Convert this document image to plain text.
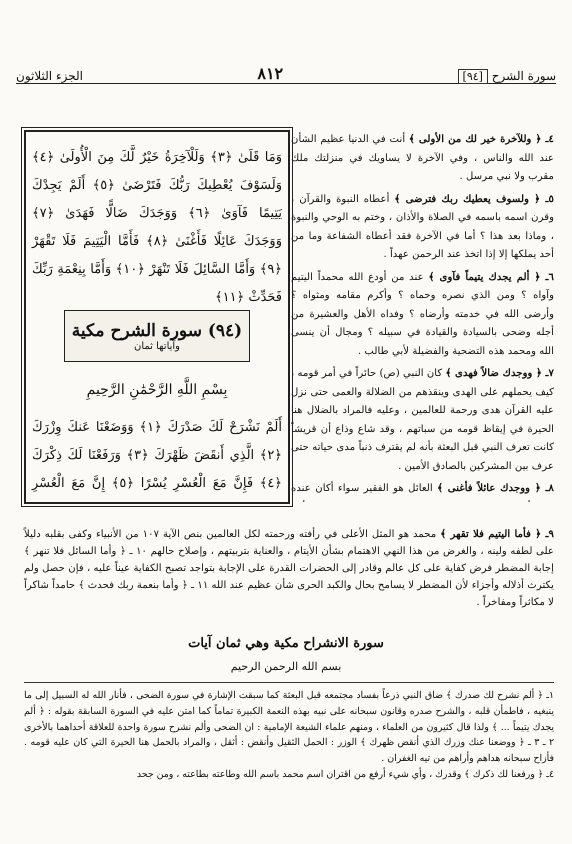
سورة الشرح [٩٤]
٨١٢
الجزء الثلاثون

٤ـ ﴿ وللآخرة خير لك من الأولى ﴾ أنت في الدنيا عظيم الشأن عند الله والناس ، وفي الآخرة لا يساويك في منزلتك ملك مقرب ولا نبي مرسل .

٥ـ ﴿ ولسوف يعطيك ربك فترضى ﴾ أعطاه النبوة والقرآن ، وقرن اسمه باسمه في الصلاة والأذان ، وختم به الوحي والنبوة ، وماذا بعد هذا ؟ أما في الآخرة فقد أعطاه الشفاعة وما من أحد يملكها إلا إذا اتخذ عند الرحمن عهداً .

٦ـ ﴿ ألم يجدك يتيماً فآوى ﴾ عند من أودع الله محمداً اليتيم وآواه ؟ ومن الذي نصره وحماه ؟ وأكرم مقامه ومثواه ؟ وأرضى الله في خدمته وأرضاه ؟ وفداه الأهل والعشيرة من أجله وضحى بالسيادة والقيادة في سبيله ؟ ومجال أن ينسى الله ومحمد هذه التضحية والفضيلة لأبي طالب .

٧ـ ﴿ ووجدك ضالاً فهدى ﴾ كان النبي (ص) حائراً في أمر قومه ، كيف يحملهم على الهدى وينقذهم من الضلالة والعمى حتى نزل عليه القرآن هدى ورحمة للعالمين ، وعليه فالمراد بالضلال هنا الحيرة في إيقاظ قومه من سباتهم ، وقد شاع وذاع أن قريشاً كانت تعرف النبي قبل البعثة بأنه لم يقترف ذنباً مدى حياته حتى عرف بين المشركين بالصادق الأمين .

٨ـ ﴿ ووجدك عائلاً فأغنى ﴾ العائل هو الفقير سواء أكان عنده

وَمَا قَلَىٰ ﴿٣﴾ وَلَلْآخِرَةُ خَيْرٌ لَّكَ مِنَ الْأُولَىٰ ﴿٤﴾ وَلَسَوْفَ يُعْطِيكَ رَبُّكَ فَتَرْضَىٰ ﴿٥﴾ أَلَمْ يَجِدْكَ يَتِيمًا فَآوَىٰ ﴿٦﴾ وَوَجَدَكَ ضَالًّا فَهَدَىٰ ﴿٧﴾ وَوَجَدَكَ عَائِلًا فَأَغْنَىٰ ﴿٨﴾ فَأَمَّا الْيَتِيمَ فَلَا تَقْهَرْ ﴿٩﴾ وَأَمَّا السَّائِلَ فَلَا تَنْهَرْ ﴿١٠﴾ وَأَمَّا بِنِعْمَةِ رَبِّكَ فَحَدِّثْ ﴿١١﴾
(٩٤) سورة الشرح مكية
وآياتها ثمان
بِسْمِ اللَّهِ الرَّحْمَٰنِ الرَّحِيمِ
أَلَمْ نَشْرَحْ لَكَ صَدْرَكَ ﴿١﴾ وَوَضَعْنَا عَنكَ وِزْرَكَ ﴿٢﴾ الَّذِي أَنقَضَ ظَهْرَكَ ﴿٣﴾ وَرَفَعْنَا لَكَ ذِكْرَكَ ﴿٤﴾ فَإِنَّ مَعَ الْعُسْرِ يُسْرًا ﴿٥﴾ إِنَّ مَعَ الْعُسْرِ

٩ـ ﴿ فأما اليتيم فلا تقهر ﴾ محمد هو المثل الأعلى في رأفته ورحمته لكل العالمين بنص الآية ١٠٧ من الأنبياء وكفى بقلبه دليلاً على لطفه ولينه ، والغرض من هذا النهي الاهتمام بشأن الأيتام ، والعناية بتربيتهم ، وإصلاح حالهم ١٠ ـ ﴿ وأما السائل فلا تنهر ﴾ إجابة المضطر فرض كفاية على كل عالم وقادر إلى الحضرات القدرة على الإجابة بتواجد تصبح الكفاية عيناً عليه ، فإن حصل ولم يكترث أذلاله وأجزاء لأن المضطر لا يسامح بحال والكبد الحرى شأن عظيم عند الله ١١ ـ ﴿ وأما بنعمة ربك فحدث ﴾ حامداً شاكراً لا مكاثراً ومفاخراً .

سورة الانشراح مكية وهي ثمان آيات
بسم الله الرحمن الرحيم

١ـ ﴿ ألم نشرح لك صدرك ﴾ ضاق النبي ذرعاً بفساد مجتمعه قبل البعثة كما سبقت الإشارة في سورة الضحى ، فأنار الله له السبيل إلى ما ينبغيه ، فاطمأن قلبه ، والشرح صدره وقانون سبحانه على نبيه بهذه النعمة الكبيرة تماماً كما امتن عليه في السورة السابقة بقوله : ﴿ ألم يجدك يتيماً ... ﴾ ولذا قال كثيرون من العلماء ، ومنهم علماء الشيعة الإمامية : ان الضحى وألم نشرح سورة واحدة للعلاقة أحداهما بالأخرى ٢ ـ ٣ ـ ﴿ ووضعنا عنك وزرك الذي أنقض ظهرك ﴾ الوزر : الحمل الثقيل وأنقض : أثقل ، والمراد بالحمل هنا الحيرة التي كان عليه قومه . فأزاح سبحانه هداهم وأراهم من تيه الغفران .

٤ـ ﴿ ورفعنا لك ذكرك ﴾ وقدرك ، وأي شيء أرفع من اقتران اسم محمد باسم الله وطاعته بطاعته ، ومن جحد
